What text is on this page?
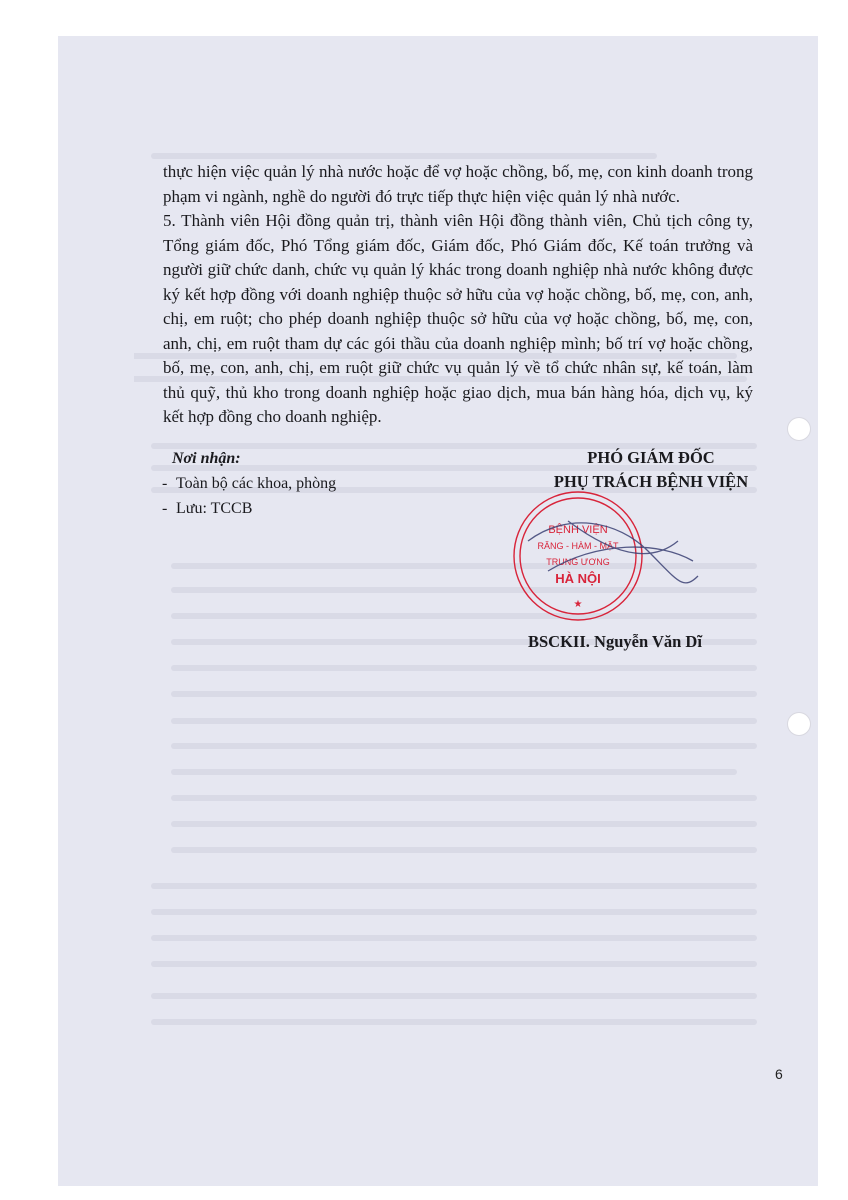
thực hiện việc quản lý nhà nước hoặc để vợ hoặc chồng, bố, mẹ, con kinh doanh trong phạm vi ngành, nghề do người đó trực tiếp thực hiện việc quản lý nhà nước.

5. Thành viên Hội đồng quản trị, thành viên Hội đồng thành viên, Chủ tịch công ty, Tổng giám đốc, Phó Tổng giám đốc, Giám đốc, Phó Giám đốc, Kế toán trưởng và người giữ chức danh, chức vụ quản lý khác trong doanh nghiệp nhà nước không được ký kết hợp đồng với doanh nghiệp thuộc sở hữu của vợ hoặc chồng, bố, mẹ, con, anh, chị, em ruột; cho phép doanh nghiệp thuộc sở hữu của vợ hoặc chồng, bố, mẹ, con, anh, chị, em ruột tham dự các gói thầu của doanh nghiệp mình; bố trí vợ hoặc chồng, bố, mẹ, con, anh, chị, em ruột giữ chức vụ quản lý về tổ chức nhân sự, kế toán, làm thủ quỹ, thủ kho trong doanh nghiệp hoặc giao dịch, mua bán hàng hóa, dịch vụ, ký kết hợp đồng cho doanh nghiệp.

Nơi nhận:
- Toàn bộ các khoa, phòng
- Lưu: TCCB
PHÓ GIÁM ĐỐC
PHỤ TRÁCH BỆNH VIỆN
BỆNH VIỆN
RĂNG - HÀM - MẶT
TRUNG ƯƠNG
HÀ NỘI
★
BSCKII. Nguyễn Văn Dĩ
6
